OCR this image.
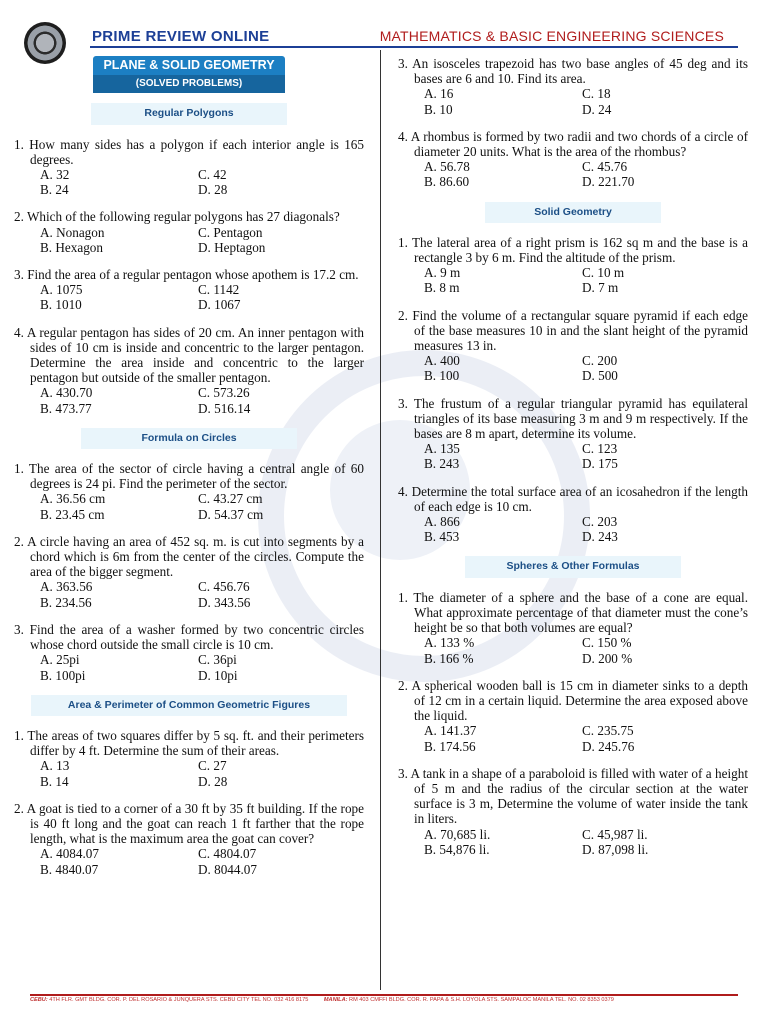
PRIME REVIEW ONLINE	MATHEMATICS & BASIC ENGINEERING SCIENCES
PLANE & SOLID GEOMETRY
(SOLVED PROBLEMS)
Regular Polygons
1. How many sides has a polygon if each interior angle is 165 degrees.
A. 32	C. 42
B. 24	D. 28
2. Which of the following regular polygons has 27 diagonals?
A. Nonagon	C. Pentagon
B. Hexagon	D. Heptagon
3. Find the area of a regular pentagon whose apothem is 17.2 cm.
A. 1075	C. 1142
B. 1010	D. 1067
4. A regular pentagon has sides of 20 cm. An inner pentagon with sides of 10 cm is inside and concentric to the larger pentagon. Determine the area inside and concentric to the larger pentagon but outside of the smaller pentagon.
A. 430.70	C. 573.26
B. 473.77	D. 516.14
Formula on Circles
1. The area of the sector of circle having a central angle of 60 degrees is 24 pi. Find the perimeter of the sector.
A. 36.56 cm	C. 43.27 cm
B. 23.45 cm	D. 54.37 cm
2. A circle having an area of 452 sq. m. is cut into segments by a chord which is 6m from the center of the circles. Compute the area of the bigger segment.
A. 363.56	C. 456.76
B. 234.56	D. 343.56
3. Find the area of a washer formed by two concentric circles whose chord outside the small circle is 10 cm.
A. 25pi	C. 36pi
B. 100pi	D. 10pi
Area & Perimeter of Common Geometric Figures
1. The areas of two squares differ by 5 sq. ft. and their perimeters differ by 4 ft. Determine the sum of their areas.
A. 13	C. 27
B. 14	D. 28
2. A goat is tied to a corner of a 30 ft by 35 ft building. If the rope is 40 ft long and the goat can reach 1 ft farther that the rope length, what is the maximum area the goat can cover?
A. 4084.07	C. 4804.07
B. 4840.07	D. 8044.07
3. An isosceles trapezoid has two base angles of 45 deg and its bases are 6 and 10. Find its area.
A. 16	C. 18
B. 10	D. 24
4. A rhombus is formed by two radii and two chords of a circle of diameter 20 units. What is the area of the rhombus?
A. 56.78	C. 45.76
B. 86.60	D. 221.70
Solid Geometry
1. The lateral area of a right prism is 162 sq m and the base is a rectangle 3 by 6 m. Find the altitude of the prism.
A. 9 m	C. 10 m
B. 8 m	D. 7 m
2. Find the volume of a rectangular square pyramid if each edge of the base measures 10 in and the slant height of the pyramid measures 13 in.
A. 400	C. 200
B. 100	D. 500
3. The frustum of a regular triangular pyramid has equilateral triangles of its base measuring 3 m and 9 m respectively. If the bases are 8 m apart, determine its volume.
A. 135	C. 123
B. 243	D. 175
4. Determine the total surface area of an icosahedron if the length of each edge is 10 cm.
A. 866	C. 203
B. 453	D. 243
Spheres & Other Formulas
1. The diameter of a sphere and the base of a cone are equal. What approximate percentage of that diameter must the cone’s height be so that both volumes are equal?
A. 133 %	C. 150 %
B. 166 %	D. 200 %
2. A spherical wooden ball is 15 cm in diameter sinks to a depth of 12 cm in a certain liquid. Determine the area exposed above the liquid.
A. 141.37	C. 235.75
B. 174.56	D. 245.76
3. A tank in a shape of a paraboloid is filled with water of a height of 5 m and the radius of the circular section at the water surface is 3 m, Determine the volume of water inside the tank in liters.
A. 70,685 li.	C. 45,987 li.
B. 54,876 li.	D. 87,098 li.
CEBU: 4TH FLR. GMT BLDG. COR. P. DEL ROSARIO & JUNQUERA STS. CEBU CITY TEL NO. 032 416 8175	MANILA: RM 403 CMFFI BLDG. COR. R. PAPA & S.H. LOYOLA STS. SAMPALOC MANILA TEL. NO. 02 8353 0379
